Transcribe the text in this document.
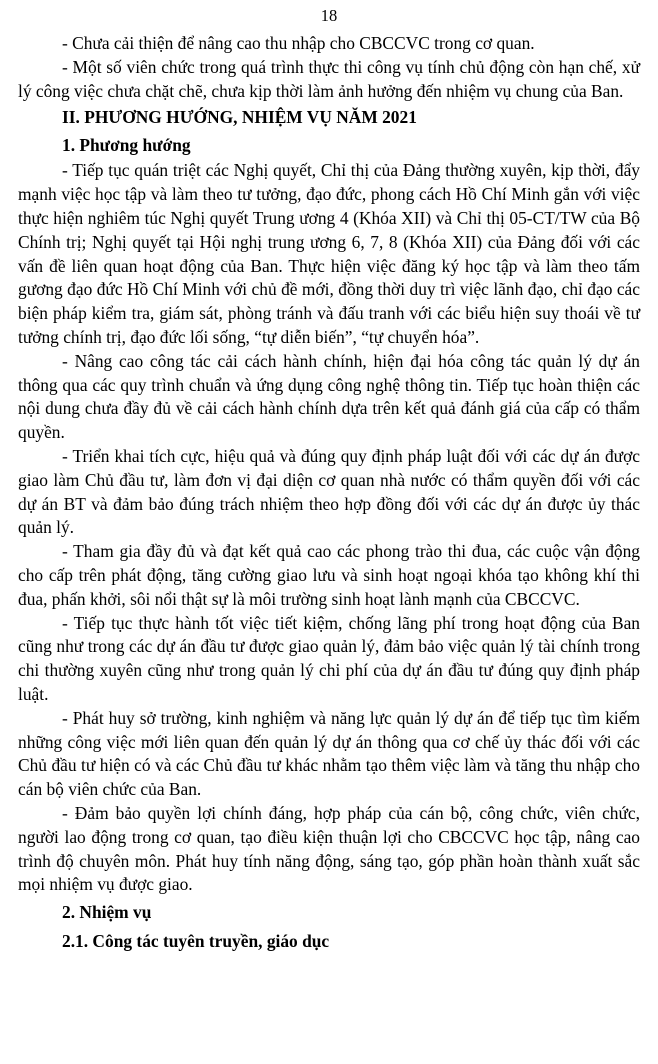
18

- Chưa cải thiện để nâng cao thu nhập cho CBCCVC trong cơ quan.

- Một số viên chức trong quá trình thực thi công vụ tính chủ động còn hạn chế, xử lý công việc chưa chặt chẽ, chưa kịp thời làm ảnh hưởng đến nhiệm vụ chung của Ban.

II. PHƯƠNG HƯỚNG, NHIỆM VỤ NĂM 2021

1. Phương hướng

- Tiếp tục quán triệt các Nghị quyết, Chỉ thị của Đảng thường xuyên, kịp thời, đẩy mạnh việc học tập và làm theo tư tưởng, đạo đức, phong cách Hồ Chí Minh gắn với việc thực hiện nghiêm túc Nghị quyết Trung ương 4 (Khóa XII) và Chỉ thị 05-CT/TW của Bộ Chính trị; Nghị quyết tại Hội nghị trung ương 6, 7, 8 (Khóa XII) của Đảng đối với các vấn đề liên quan hoạt động của Ban. Thực hiện việc đăng ký học tập và làm theo tấm gương đạo đức Hồ Chí Minh với chủ đề mới, đồng thời duy trì việc lãnh đạo, chỉ đạo các biện pháp kiểm tra, giám sát, phòng tránh và đấu tranh với các biểu hiện suy thoái về tư tưởng chính trị, đạo đức lối sống, “tự diễn biến”, “tự chuyển hóa”.

- Nâng cao công tác cải cách hành chính, hiện đại hóa công tác quản lý dự án thông qua các quy trình chuẩn và ứng dụng công nghệ thông tin. Tiếp tục hoàn thiện các nội dung chưa đầy đủ về cải cách hành chính dựa trên kết quả đánh giá của cấp có thẩm quyền.

- Triển khai tích cực, hiệu quả và đúng quy định pháp luật đối với các dự án được giao làm Chủ đầu tư, làm đơn vị đại diện cơ quan nhà nước có thẩm quyền đối với các dự án BT và đảm bảo đúng trách nhiệm theo hợp đồng đối với các dự án được ủy thác quản lý.

- Tham gia đầy đủ và đạt kết quả cao các phong trào thi đua, các cuộc vận động cho cấp trên phát động, tăng cường giao lưu và sinh hoạt ngoại khóa tạo không khí thi đua, phấn khởi, sôi nổi thật sự là môi trường sinh hoạt lành mạnh của CBCCVC.

- Tiếp tục thực hành tốt việc tiết kiệm, chống lãng phí trong hoạt động của Ban cũng như trong các dự án đầu tư được giao quản lý, đảm bảo việc quản lý tài chính trong chi thường xuyên cũng như trong quản lý chi phí của dự án đầu tư đúng quy định pháp luật.

- Phát huy sở trường, kinh nghiệm và năng lực quản lý dự án để tiếp tục tìm kiếm những công việc mới liên quan đến quản lý dự án thông qua cơ chế ủy thác đối với các Chủ đầu tư hiện có và các Chủ đầu tư khác nhằm tạo thêm việc làm và tăng thu nhập cho cán bộ viên chức của Ban.

- Đảm bảo quyền lợi chính đáng, hợp pháp của cán bộ, công chức, viên chức, người lao động trong cơ quan, tạo điều kiện thuận lợi cho CBCCVC học tập, nâng cao trình độ chuyên môn. Phát huy tính năng động, sáng tạo, góp phần hoàn thành xuất sắc mọi nhiệm vụ được giao.

2. Nhiệm vụ

2.1. Công tác tuyên truyền, giáo dục
